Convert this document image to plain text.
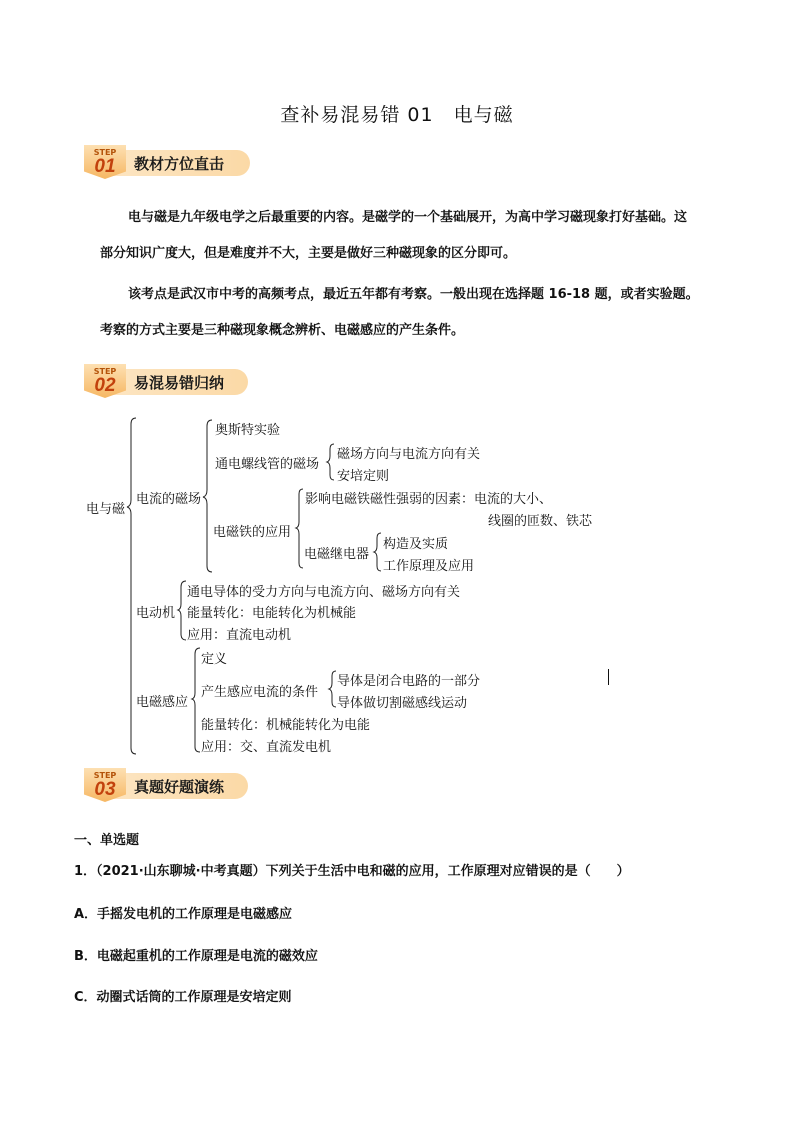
查补易混易错 01　电与磁
STEP
01	教材方位直击
电与磁是九年级电学之后最重要的内容。是磁学的一个基础展开，为高中学习磁现象打好基础。这
部分知识广度大，但是难度并不大，主要是做好三种磁现象的区分即可。
该考点是武汉市中考的高频考点，最近五年都有考察。一般出现在选择题 16-18 题，或者实验题。
考察的方式主要是三种磁现象概念辨析、电磁感应的产生条件。
STEP
02	易混易错归纳
电与磁
电流的磁场
奥斯特实验
通电螺线管的磁场
磁场方向与电流方向有关
安培定则
电磁铁的应用
影响电磁铁磁性强弱的因素：电流的大小、
线圈的匝数、铁芯
电磁继电器
构造及实质
工作原理及应用
电动机
通电导体的受力方向与电流方向、磁场方向有关
能量转化：电能转化为机械能
应用：直流电动机
电磁感应
定义
产生感应电流的条件
导体是闭合电路的一部分
导体做切割磁感线运动
能量转化：机械能转化为电能
应用：交、直流发电机
STEP
03	真题好题演练
一、单选题
1．（2021·山东聊城·中考真题）下列关于生活中电和磁的应用，工作原理对应错误的是（　　）
A．手摇发电机的工作原理是电磁感应
B．电磁起重机的工作原理是电流的磁效应
C．动圈式话筒的工作原理是安培定则
